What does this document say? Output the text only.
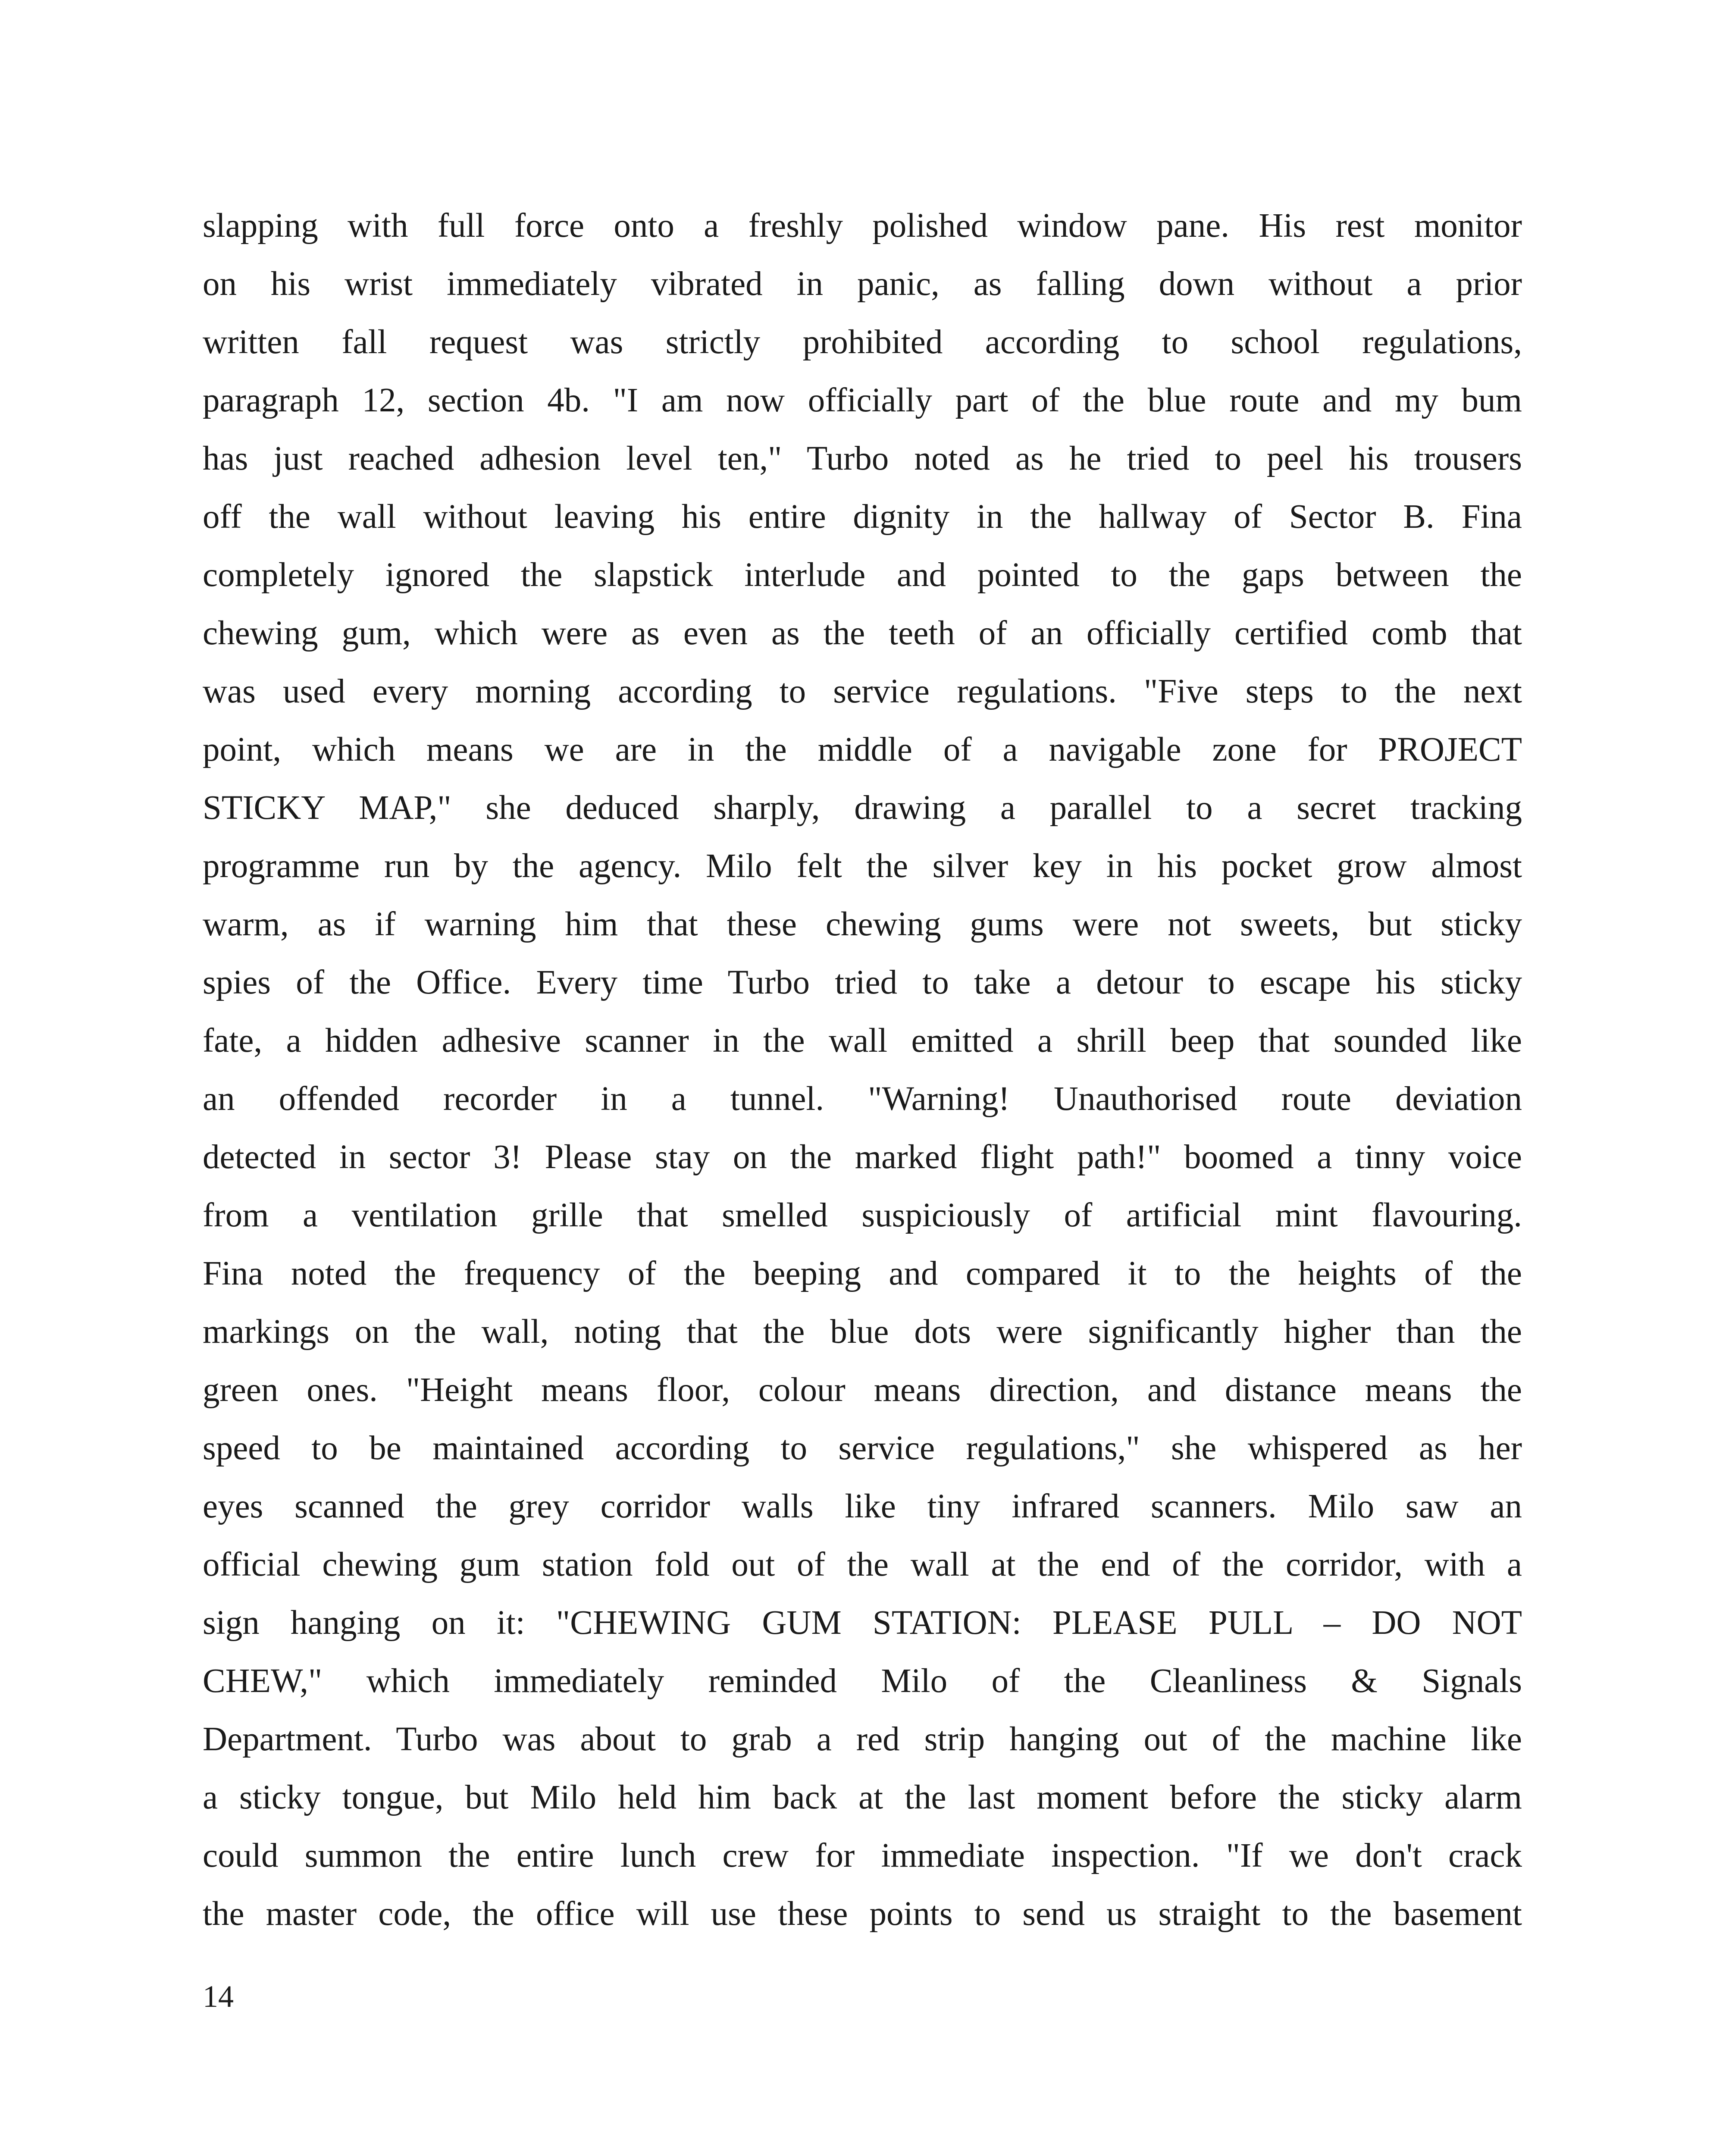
slapping with full force onto a freshly polished window pane. His rest monitor
on his wrist immediately vibrated in panic, as falling down without a prior
written fall request was strictly prohibited according to school regulations,
paragraph 12, section 4b. "I am now officially part of the blue route and my bum
has just reached adhesion level ten," Turbo noted as he tried to peel his trousers
off the wall without leaving his entire dignity in the hallway of Sector B. Fina
completely ignored the slapstick interlude and pointed to the gaps between the
chewing gum, which were as even as the teeth of an officially certified comb that
was used every morning according to service regulations. "Five steps to the next
point, which means we are in the middle of a navigable zone for PROJECT
STICKY MAP," she deduced sharply, drawing a parallel to a secret tracking
programme run by the agency. Milo felt the silver key in his pocket grow almost
warm, as if warning him that these chewing gums were not sweets, but sticky
spies of the Office. Every time Turbo tried to take a detour to escape his sticky
fate, a hidden adhesive scanner in the wall emitted a shrill beep that sounded like
an offended recorder in a tunnel. "Warning! Unauthorised route deviation
detected in sector 3! Please stay on the marked flight path!" boomed a tinny voice
from a ventilation grille that smelled suspiciously of artificial mint flavouring.
Fina noted the frequency of the beeping and compared it to the heights of the
markings on the wall, noting that the blue dots were significantly higher than the
green ones. "Height means floor, colour means direction, and distance means the
speed to be maintained according to service regulations," she whispered as her
eyes scanned the grey corridor walls like tiny infrared scanners. Milo saw an
official chewing gum station fold out of the wall at the end of the corridor, with a
sign hanging on it: "CHEWING GUM STATION: PLEASE PULL – DO NOT
CHEW," which immediately reminded Milo of the Cleanliness & Signals
Department. Turbo was about to grab a red strip hanging out of the machine like
a sticky tongue, but Milo held him back at the last moment before the sticky alarm
could summon the entire lunch crew for immediate inspection. "If we don't crack
the master code, the office will use these points to send us straight to the basement
14
